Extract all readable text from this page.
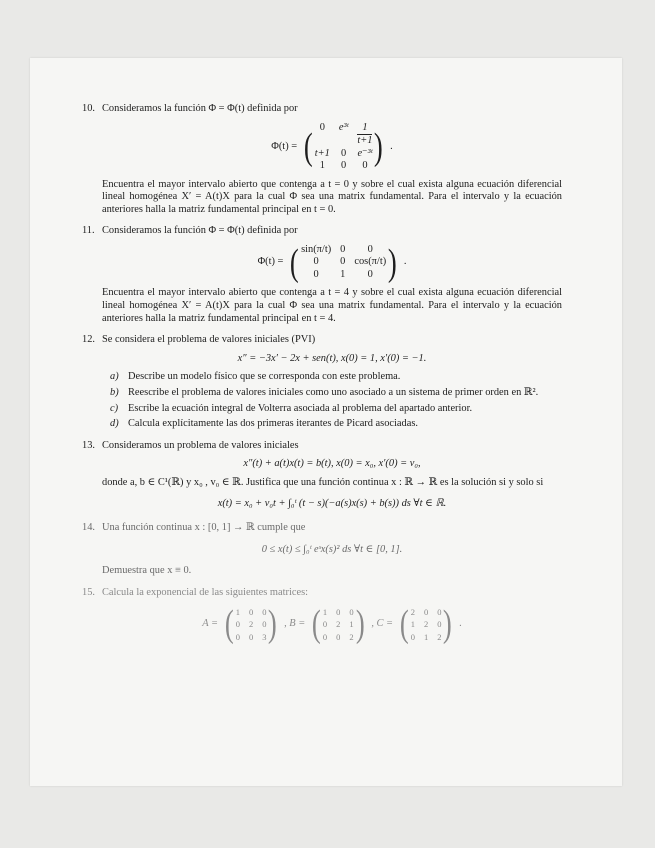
10. Consideramos la función Φ = Φ(t) definida por

Φ(t) = ( 0	e³ᵗ $\frac{1}{t+1}$
t+1 0 e⁻³ᵗ
1	0	0 ) .

Encuentra el mayor intervalo abierto que contenga a t = 0 y sobre el cual exista alguna ecuación diferencial lineal homogénea X′ = A(t)X para la cual Φ sea una matrix fundamental. Para el intervalo y la ecuación anteriores halla la matriz fundamental principal en t = 0.

11. Consideramos la función Φ = Φ(t) definida por

Φ(t) = ( sin(π/t) 0	0
0	0 cos(π/t)
0	1	0 ) .

Encuentra el mayor intervalo abierto que contenga a t = 4 y sobre el cual exista alguna ecuación diferencial lineal homogénea X′ = A(t)X para la cual Φ sea una matrix fundamental. Para el intervalo y la ecuación anteriores halla la matriz fundamental principal en t = 4.

12. Se considera el problema de valores iniciales (PVI)

x″ = −3x′ − 2x + sen(t), x(0) = 1, x′(0) = −1.
a) Describe un modelo físico que se corresponda con este problema.
b) Reescribe el problema de valores iniciales como uno asociado a un sistema de primer orden en ℝ².
c) Escribe la ecuación integral de Volterra asociada al problema del apartado anterior.
d) Calcula explícitamente las dos primeras iterantes de Picard asociadas.
13. Consideramos un problema de valores iniciales

x″(t) + a(t)x(t) = b(t), x(0) = x₀, x′(0) = v₀,

donde a, b ∈ C¹(ℝ) y x₀ , v₀ ∈ ℝ. Justifica que una función continua x : ℝ → ℝ es la solución si y solo si

x(t) = x₀ + v₀t + ∫₀ᵗ (t − s)(−a(s)x(s) + b(s)) ds ∀t ∈ ℝ.
14. Una función continua x : [0, 1] → ℝ cumple que

0 ≤ x(t) ≤ ∫₀ᵗ eˢx(s)² ds ∀t ∈ [0, 1].

Demuestra que x ≡ 0.

15. Calcula la exponencial de las siguientes matrices:

A = ( 1 0 0
0 2 0
0 0 3 ) , B = ( 1 0 0
0 2 1
0 0 2 ) , C = ( 2 0 0
1 2 0
0 1 2 ) .
